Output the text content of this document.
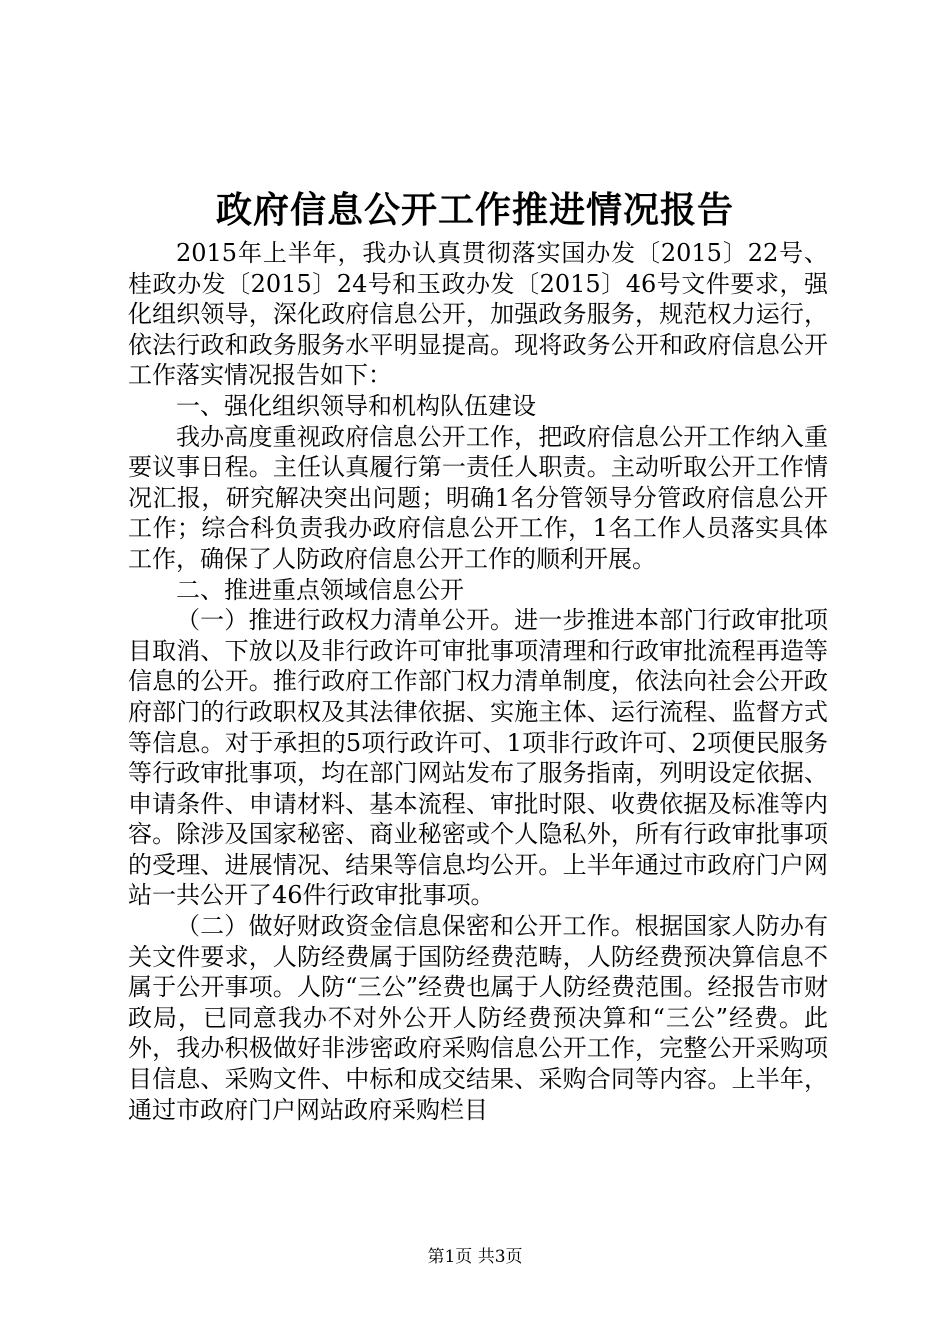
政府信息公开工作推进情况报告

2015年上半年，我办认真贯彻落实国办发〔2015〕22号、桂政办发〔2015〕24号和玉政办发〔2015〕46号文件要求，强化组织领导，深化政府信息公开，加强政务服务，规范权力运行，依法行政和政务服务水平明显提高。现将政务公开和政府信息公开工作落实情况报告如下：

一、强化组织领导和机构队伍建设

我办高度重视政府信息公开工作，把政府信息公开工作纳入重要议事日程。主任认真履行第一责任人职责。主动听取公开工作情况汇报，研究解决突出问题；明确1名分管领导分管政府信息公开工作；综合科负责我办政府信息公开工作，1名工作人员落实具体工作，确保了人防政府信息公开工作的顺利开展。

二、推进重点领域信息公开

（一）推进行政权力清单公开。进一步推进本部门行政审批项目取消、下放以及非行政许可审批事项清理和行政审批流程再造等信息的公开。推行政府工作部门权力清单制度，依法向社会公开政府部门的行政职权及其法律依据、实施主体、运行流程、监督方式等信息。对于承担的5项行政许可、1项非行政许可、2项便民服务等行政审批事项，均在部门网站发布了服务指南，列明设定依据、申请条件、申请材料、基本流程、审批时限、收费依据及标准等内容。除涉及国家秘密、商业秘密或个人隐私外，所有行政审批事项的受理、进展情况、结果等信息均公开。上半年通过市政府门户网站一共公开了46件行政审批事项。

（二）做好财政资金信息保密和公开工作。根据国家人防办有关文件要求，人防经费属于国防经费范畴，人防经费预决算信息不属于公开事项。人防“三公”经费也属于人防经费范围。经报告市财政局，已同意我办不对外公开人防经费预决算和“三公”经费。此外，我办积极做好非涉密政府采购信息公开工作，完整公开采购项目信息、采购文件、中标和成交结果、采购合同等内容。上半年，通过市政府门户网站政府采购栏目

第1页 共3页
